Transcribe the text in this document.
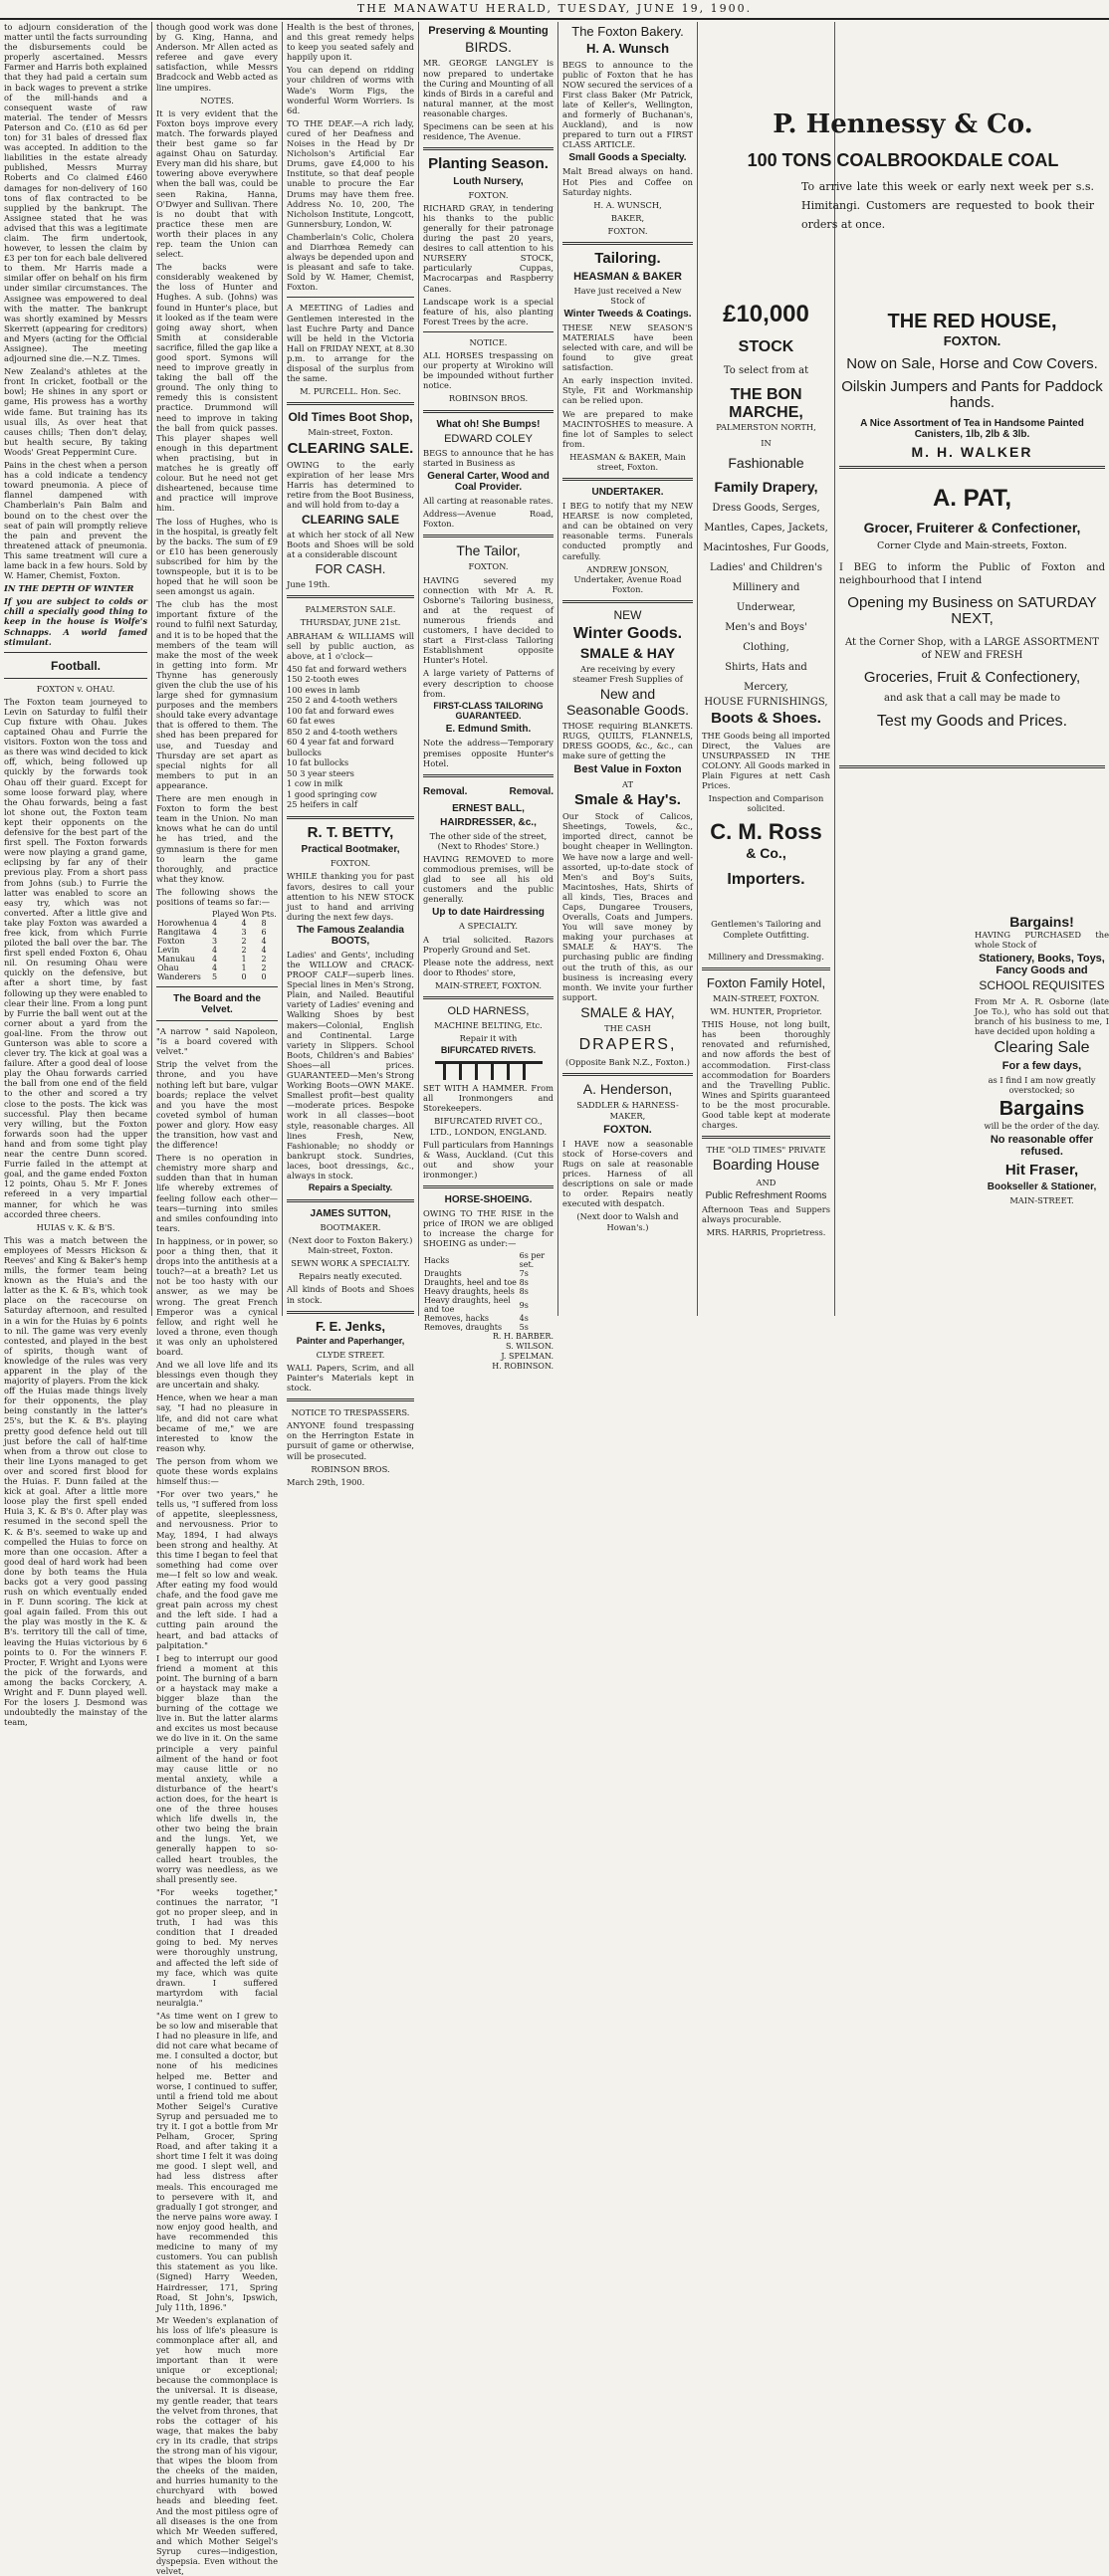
THE MANAWATU HERALD, TUESDAY, JUNE 19, 1900.

to adjourn consideration of the matter until the facts surrounding the disbursements could be properly ascertained. Messrs Farmer and Harris both explained that they had paid a certain sum in back wages to prevent a strike of the mill-hands and a consequent waste of raw material. The tender of Messrs Paterson and Co. (£10 as 6d per ton) for 31 bales of dressed flax was accepted. In addition to the liabilities in the estate already published, Messrs Murray Roberts and Co claimed £460 damages for non-delivery of 160 tons of flax contracted to be supplied by the bankrupt. The Assignee stated that he was advised that this was a legitimate claim. The firm undertook, however, to lessen the claim by £3 per ton for each bale delivered to them. Mr Harris made a similar offer on behalf on his firm under similar circumstances. The Assignee was empowered to deal with the matter. The bankrupt was shortly examined by Messrs Skerrett (appearing for creditors) and Myers (acting for the Official Assignee). The meeting adjourned sine die.—N.Z. Times.

New Zealand's athletes at the front In cricket, football or the bowl; He shines in any sport or game, His prowess has a worthy wide fame. But training has its usual ills, As over heat that causes chills; Then don't delay, but health secure, By taking Woods' Great Peppermint Cure.

Pains in the chest when a person has a cold indicate a tendency toward pneumonia. A piece of flannel dampened with Chamberlain's Pain Balm and bound on to the chest over the seat of pain will promptly relieve the pain and prevent the threatened attack of pneumonia. This same treatment will cure a lame back in a few hours. Sold by W. Hamer, Chemist, Foxton.

IN THE DEPTH OF WINTER

If you are subject to colds or chill a specially good thing to keep in the house is Wolfe's Schnapps. A world famed stimulant.

Football.

FOXTON v. OHAU.

The Foxton team journeyed to Levin on Saturday to fulfil their Cup fixture with Ohau. Jukes captained Ohau and Furrie the visitors. Foxton won the toss and as there was wind decided to kick off, which, being followed up quickly by the forwards took Ohau off their guard. Except for some loose forward play, where the Ohau forwards, being a fast lot shone out, the Foxton team kept their opponents on the defensive for the best part of the first spell. The Foxton forwards were now playing a grand game, eclipsing by far any of their previous play. From a short pass from Johns (sub.) to Furrie the latter was enabled to score an easy try, which was not converted. After a little give and take play Foxton was awarded a free kick, from which Furrie piloted the ball over the bar. The first spell ended Foxton 6, Ohau nil. On resuming Ohau were quickly on the defensive, but after a short time, by fast following up they were enabled to clear their line. From a long punt by Furrie the ball went out at the corner about a yard from the goal-line. From the throw out Gunterson was able to score a clever try. The kick at goal was a failure. After a good deal of loose play the Ohau forwards carried the ball from one end of the field to the other and scored a try close to the posts. The kick was successful. Play then became very willing, but the Foxton forwards soon had the upper hand and from some tight play near the centre Dunn scored. Furrie failed in the attempt at goal, and the game ended Foxton 12 points, Ohau 5. Mr F. Jones refereed in a very impartial manner, for which he was accorded three cheers.

HUIAS v. K. & B'S.

This was a match between the employees of Messrs Hickson & Reeves' and King & Baker's hemp mills, the former team being known as the Huia's and the latter as the K. & B's, which took place on the racecourse on Saturday afternoon, and resulted in a win for the Huias by 6 points to nil. The game was very evenly contested, and played in the best of spirits, though want of knowledge of the rules was very apparent in the play of the majority of players. From the kick off the Huias made things lively for their opponents, the play being constantly in the latter's 25's, but the K. & B's. playing pretty good defence held out till just before the call of half-time when from a throw out close to their line Lyons managed to get over and scored first blood for the Huias. F. Dunn failed at the kick at goal. After a little more loose play the first spell ended Huia 3, K. & B's 0. After play was resumed in the second spell the K. & B's. seemed to wake up and compelled the Huias to force on more than one occasion. After a good deal of hard work had been done by both teams the Huia backs got a very good passing rush on which eventually ended in F. Dunn scoring. The kick at goal again failed. From this out the play was mostly in the K. & B's. territory till the call of time, leaving the Huias victorious by 6 points to 0. For the winners F. Procter, F. Wright and Lyons were the pick of the forwards, and among the backs Corckery, A. Wright and F. Dunn played well. For the losers J. Desmond was undoubtedly the mainstay of the team,

though good work was done by G. King, Hanna, and Anderson. Mr Allen acted as referee and gave every satisfaction, while Messrs Bradcock and Webb acted as line umpires.

NOTES.

It is very evident that the Foxton boys improve every match. The forwards played their best game so far against Ohau on Saturday. Every man did his share, but towering above everywhere when the ball was, could be seen Rakina, Hanna, O'Dwyer and Sullivan. There is no doubt that with practice these men are worth their places in any rep. team the Union can select.

The backs were considerably weakened by the loss of Hunter and Hughes. A sub. (Johns) was found in Hunter's place, but it looked as if the team were going away short, when Smith at considerable sacrifice, filled the gap like a good sport. Symons will need to improve greatly in taking the ball off the ground. The only thing to remedy this is consistent practice. Drummond will need to improve in taking the ball from quick passes. This player shapes well enough in this department when practising, but in matches he is greatly off colour. But he need not get disheartened, because time and practice will improve him.

The loss of Hughes, who is in the hospital, is greatly felt by the backs. The sum of £9 or £10 has been generously subscribed for him by the townspeople, but it is to be hoped that he will soon be seen amongst us again.

The club has the most important fixture of the round to fulfil next Saturday, and it is to be hoped that the members of the team will make the most of the week in getting into form. Mr Thynne has generously given the club the use of his large shed for gymnasium purposes and the members should take every advantage that is offered to them. The shed has been prepared for use, and Tuesday and Thursday are set apart as special nights for all members to put in an appearance.

There are men enough in Foxton to form the best team in the Union. No man knows what he can do until he has tried, and the gymnasium is there for men to learn the game thoroughly, and practice what they know.

The following shows the positions of teams so far:—

	Played	Won	Pts.
Horowhenua	4	4	8
Rangitawa	4	3	6
Foxton	3	2	4
Levin	4	2	4
Manukau	4	1	2
Ohau	4	1	2
Wanderers	5	0	0
The Board and the Velvet.

"A narrow " said Napoleon, "is a board covered with velvet."

Strip the velvet from the throne, and you have nothing left but bare, vulgar boards; replace the velvet and you have the most coveted symbol of human power and glory. How easy the transition, how vast and the difference!

There is no operation in chemistry more sharp and sudden than that in human life whereby extremes of feeling follow each other—tears—turning into smiles and smiles confounding into tears.

In happiness, or in power, so poor a thing then, that it drops into the antithesis at a touch?—at a breath? Let us not be too hasty with our answer, as we may be wrong. The great French Emperor was a cynical fellow, and right well he loved a throne, even though it was only an upholstered board.

And we all love life and its blessings even though they are uncertain and shaky.

Hence, when we hear a man say, "I had no pleasure in life, and did not care what became of me," we are interested to know the reason why.

The person from whom we quote these words explains himself thus:—

"For over two years," he tells us, "I suffered from loss of appetite, sleeplessness, and nervousness. Prior to May, 1894, I had always been strong and healthy. At this time I began to feel that something had come over me—I felt so low and weak. After eating my food would chafe, and the food gave me great pain across my chest and the left side. I had a cutting pain around the heart, and bad attacks of palpitation."

I beg to interrupt our good friend a moment at this point. The burning of a barn or a haystack may make a bigger blaze than the burning of the cottage we live in. But the latter alarms and excites us most because we do live in it. On the same principle a very painful ailment of the hand or foot may cause little or no mental anxiety, while a disturbance of the heart's action does, for the heart is one of the three houses which life dwells in, the other two being the brain and the lungs. Yet, we generally happen to so-called heart troubles, the worry was needless, as we shall presently see.

"For weeks together," continues the narrator, "I got no proper sleep, and in truth, I had was this condition that I dreaded going to bed. My nerves were thoroughly unstrung, and affected the left side of my face, which was quite drawn. I suffered martyrdom with facial neuralgia."

"As time went on I grew to be so low and miserable that I had no pleasure in life, and did not care what became of me. I consulted a doctor, but none of his medicines helped me. Better and worse, I continued to suffer, until a friend told me about Mother Seigel's Curative Syrup and persuaded me to try it. I got a bottle from Mr Pelham, Grocer, Spring Road, and after taking it a short time I felt it was doing me good. I slept well, and had less distress after meals. This encouraged me to persevere with it, and gradually I got stronger, and the nerve pains wore away. I now enjoy good health, and have recommended this medicine to many of my customers. You can publish this statement as you like. (Signed) Harry Weeden, Hairdresser, 171, Spring Road, St John's, Ipswich, July 11th, 1896."

Mr Weeden's explanation of his loss of life's pleasure is commonplace after all, and yet how much more important than it were unique or exceptional; because the commonplace is the universal. It is disease, my gentle reader, that tears the velvet from thrones, that robs the cottager of his wage, that makes the baby cry in its cradle, that strips the strong man of his vigour, that wipes the bloom from the cheeks of the maiden, and hurries humanity to the churchyard with bowed heads and bleeding feet. And the most pitiless ogre of all diseases is the one from which Mr Weeden suffered, and which Mother Seigel's Syrup cures—indigestion, dyspepsia. Even without the velvet,

Health is the best of thrones, and this great remedy helps to keep you seated safely and happily upon it.

You can depend on ridding your children of worms with Wade's Worm Figs, the wonderful Worm Worriers. Is 6d.

TO THE DEAF.—A rich lady, cured of her Deafness and Noises in the Head by Dr Nicholson's Artificial Ear Drums, gave £4,000 to his Institute, so that deaf people unable to procure the Ear Drums may have them free. Address No. 10, 200, The Nicholson Institute, Longcott, Gunnersbury, London, W.

Chamberlain's Colic, Cholera and Diarrhœa Remedy can always be depended upon and is pleasant and safe to take. Sold by W. Hamer, Chemist, Foxton.

A MEETING of Ladies and Gentlemen interested in the last Euchre Party and Dance will be held in the Victoria Hall on FRIDAY NEXT, at 8.30 p.m. to arrange for the disposal of the surplus from the same.

M. PURCELL. Hon. Sec.

Old Times Boot Shop,

Main-street, Foxton.

CLEARING SALE.

OWING to the early expiration of her lease Mrs Harris has determined to retire from the Boot Business, and will hold from to-day a

CLEARING SALE

at which her stock of all New Boots and Shoes will be sold at a considerable discount

FOR CASH.

June 19th.

PALMERSTON SALE.

THURSDAY, JUNE 21st.

ABRAHAM & WILLIAMS will sell by public auction, as above, at 1 o'clock—

450 fat and forward wethers
150 2-tooth ewes
100 ewes in lamb
250 2 and 4-tooth wethers
100 fat and forward ewes
60 fat ewes
850 2 and 4-tooth wethers
60 4 year fat and forward bullocks
10 fat bullocks
50 3 year steers
1 cow in milk
1 good springing cow
25 heifers in calf
R. T. BETTY,
Practical Bootmaker,

FOXTON.

WHILE thanking you for past favors, desires to call your attention to his NEW STOCK just to hand and arriving during the next few days.

The Famous Zealandia BOOTS,

Ladies' and Gents', including the WILLOW and CRACK-PROOF CALF—superb lines. Special lines in Men's Strong, Plain, and Nailed. Beautiful variety of Ladies' evening and Walking Shoes by best makers—Colonial, English and Continental. Large variety in Slippers. School Boots, Children's and Babies' Shoes—all prices. GUARANTEED—Men's Strong Working Boots—OWN MAKE. Smallest profit—best quality—moderate prices. Bespoke work in all classes—boot style, reasonable charges. All lines Fresh, New, Fashionable; no shoddy or bankrupt stock. Sundries, laces, boot dressings, &c., always in stock.

Repairs a Specialty.
JAMES SUTTON,

BOOTMAKER.

(Next door to Foxton Bakery.) Main-street, Foxton.

SEWN WORK A SPECIALTY.

Repairs neatly executed.

All kinds of Boots and Shoes in stock.

F. E. Jenks,
Painter and Paperhanger,

CLYDE STREET.

WALL Papers, Scrim, and all Painter's Materials kept in stock.

NOTICE TO TRESPASSERS.

ANYONE found trespassing on the Herrington Estate in pursuit of game or otherwise, will be prosecuted.

ROBINSON BROS.

March 29th, 1900.

Preserving & Mounting
BIRDS.

MR. GEORGE LANGLEY is now prepared to undertake the Curing and Mounting of all kinds of Birds in a careful and natural manner, at the most reasonable charges.

Specimens can be seen at his residence, The Avenue.

Planting Season.
Louth Nursery,

FOXTON.

RICHARD GRAY, in tendering his thanks to the public generally for their patronage during the past 20 years, desires to call attention to his NURSERY STOCK, particularly Cuppas, Macrocarpas and Raspberry Canes.

Landscape work is a special feature of his, also planting Forest Trees by the acre.

NOTICE.

ALL HORSES trespassing on our property at Wirokino will be impounded without further notice.

ROBINSON BROS.

What oh! She Bumps!
EDWARD COLEY

BEGS to announce that he has started in Business as

General Carter, Wood and Coal Provider.

All carting at reasonable rates.

Address—Avenue Road, Foxton.

The Tailor,

FOXTON.

HAVING severed my connection with Mr A. R. Osborne's Tailoring business, and at the request of numerous friends and customers, I have decided to start a First-class Tailoring Establishment opposite Hunter's Hotel.

A large variety of Patterns of every description to choose from.

FIRST-CLASS TAILORING GUARANTEED.
E. Edmund Smith.

Note the address—Temporary premises opposite Hunter's Hotel.

Removal.	Removal.
ERNEST BALL,
HAIRDRESSER, &c.,

The other side of the street, (Next to Rhodes' Store.)

HAVING REMOVED to more commodious premises, will be glad to see all his old customers and the public generally.

Up to date Hairdressing

A SPECIALTY.

A trial solicited. Razors Properly Ground and Set.

Please note the address, next door to Rhodes' store,

MAIN-STREET, FOXTON.

OLD HARNESS,

MACHINE BELTING, Etc.

Repair it with

BIFURCATED RIVETS.

SET WITH A HAMMER. From all Ironmongers and Storekeepers.

BIFURCATED RIVET CO., LTD., LONDON, ENGLAND.

Full particulars from Hannings & Wass, Auckland. (Cut this out and show your ironmonger.)

HORSE-SHOEING.

OWING TO THE RISE in the price of IRON we are obliged to increase the charge for SHOEING as under:—

Hacks	6s per set.
Draughts	7s
Draughts, heel and toe	8s
Heavy draughts, heels	8s
Heavy draughts, heel and toe	9s
Removes, hacks	4s
Removes, draughts	5s
R. H. BARBER.
S. WILSON.
J. SPELMAN.
H. ROBINSON.
The Foxton Bakery.
H. A. Wunsch

BEGS to announce to the public of Foxton that he has NOW secured the services of a First class Baker (Mr Patrick, late of Keller's, Wellington, and formerly of Buchanan's, Auckland), and is now prepared to turn out a FIRST CLASS ARTICLE.

Small Goods a Specialty.

Malt Bread always on hand. Hot Pies and Coffee on Saturday nights.

H. A. WUNSCH,

BAKER,

FOXTON.

Tailoring.
HEASMAN & BAKER

Have just received a New Stock of

Winter Tweeds & Coatings.

THESE NEW SEASON'S MATERIALS have been selected with care, and will be found to give great satisfaction.

An early inspection invited. Style, Fit and Workmanship can be relied upon.

We are prepared to make MACINTOSHES to measure. A fine lot of Samples to select from.

HEASMAN & BAKER, Main street, Foxton.

UNDERTAKER.

I BEG to notify that my NEW HEARSE is now completed, and can be obtained on very reasonable terms. Funerals conducted promptly and carefully.

ANDREW JONSON, Undertaker, Avenue Road Foxton.

NEW
Winter Goods.
SMALE & HAY

Are receiving by every steamer Fresh Supplies of

New and Seasonable Goods.

THOSE requiring BLANKETS. RUGS, QUILTS, FLANNELS, DRESS GOODS, &c., &c., can make sure of getting the

Best Value in Foxton

AT

Smale & Hay's.

Our Stock of Calicos, Sheetings, Towels, &c., imported direct, cannot be bought cheaper in Wellington. We have now a large and well-assorted, up-to-date stock of Men's and Boy's Suits, Macintoshes, Hats, Shirts of all kinds, Ties, Braces and Caps, Dungaree Trousers, Overalls, Coats and Jumpers. You will save money by making your purchases at SMALE & HAY'S. The purchasing public are finding out the truth of this, as our business is increasing every month. We invite your further support.

SMALE & HAY,

THE CASH

DRAPERS,

(Opposite Bank N.Z., Foxton.)

A. Henderson,

SADDLER & HARNESS-MAKER,

FOXTON.

I HAVE now a seasonable stock of Horse-covers and Rugs on sale at reasonable prices. Harness of all descriptions on sale or made to order. Repairs neatly executed with despatch.

(Next door to Walsh and Howan's.)

P. Hennessy & Co.
100 TONS COALBROOKDALE COAL

To arrive late this week or early next week per s.s. Himitangi. Customers are requested to book their orders at once.

£10,000
STOCK

To select from at

THE BON MARCHE,

PALMERSTON NORTH,

IN

Fashionable
Family Drapery,
Dress Goods, Serges,
Mantles, Capes, Jackets,
Macintoshes, Fur Goods,
Ladies' and Children's Millinery and Underwear,
Men's and Boys' Clothing,
Shirts, Hats and Mercery,

HOUSE FURNISHINGS,

Boots & Shoes.

THE Goods being all imported Direct, the Values are UNSURPASSED IN THE COLONY. All Goods marked in Plain Figures at nett Cash Prices.

Inspection and Comparison solicited.

C. M. Ross
& Co.,
Importers.

Gentlemen's Tailoring and Complete Outfitting.

Millinery and Dressmaking.

Foxton Family Hotel,

MAIN-STREET, FOXTON.

WM. HUNTER, Proprietor.

THIS House, not long built, has been thoroughly renovated and refurnished, and now affords the best of accommodation. First-class accommodation for Boarders and the Travelling Public. Wines and Spirits guaranteed to be the most procurable. Good table kept at moderate charges.

THE "OLD TIMES" PRIVATE

Boarding House

AND

Public Refreshment Rooms

Afternoon Teas and Suppers always procurable.

MRS. HARRIS, Proprietress.

THE RED HOUSE,
FOXTON.
Now on Sale, Horse and Cow Covers.
Oilskin Jumpers and Pants for Paddock hands.
A Nice Assortment of Tea in Handsome Painted Canisters, 1lb, 2lb & 3lb.
M. H. WALKER
A. PAT,
Grocer, Fruiterer & Confectioner,

Corner Clyde and Main-streets, Foxton.

I BEG to inform the Public of Foxton and neighbourhood that I intend

Opening my Business on SATURDAY NEXT,

At the Corner Shop, with a LARGE ASSORTMENT of NEW and FRESH

Groceries, Fruit & Confectionery,

and ask that a call may be made to

Test my Goods and Prices.
Bargains!

HAVING PURCHASED the whole Stock of

Stationery, Books, Toys, Fancy Goods and
SCHOOL REQUISITES

From Mr A. R. Osborne (late Joe To.), who has sold out that branch of his business to me, I have decided upon holding a

Clearing Sale
For a few days,

as I find I am now greatly overstocked; so

Bargains

will be the order of the day.

No reasonable offer refused.
Hit Fraser,
Bookseller & Stationer,

MAIN-STREET.
